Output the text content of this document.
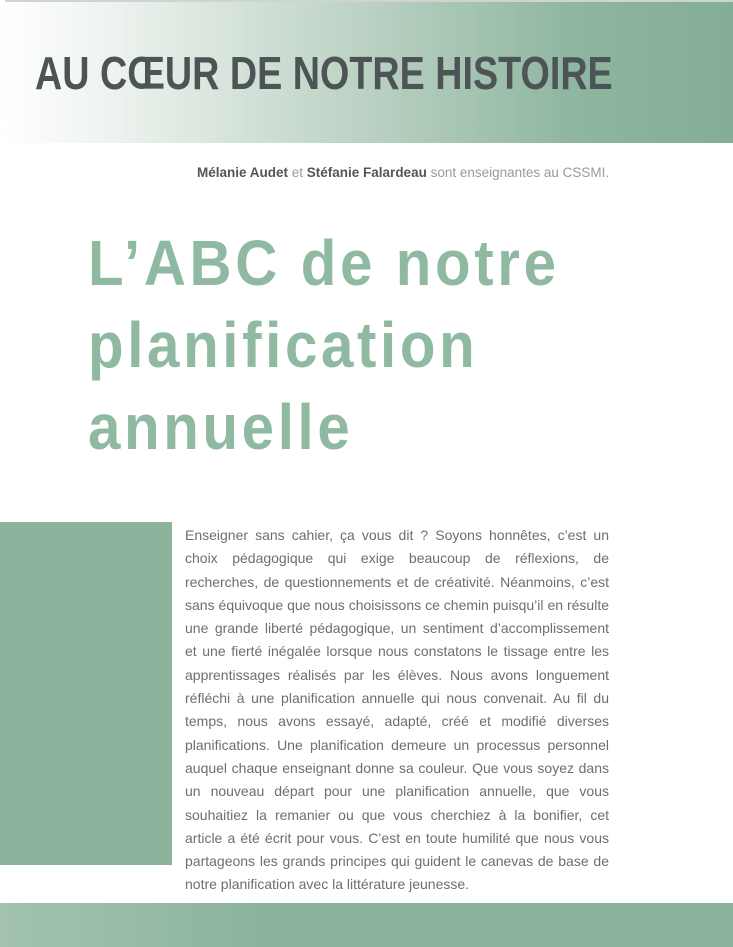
AU CŒUR DE NOTRE HISTOIRE

Mélanie Audet et Stéfanie Falardeau sont enseignantes au CSSMI.

L’ABC de notre
planification
annuelle

Enseigner sans cahier, ça vous dit ? Soyons honnêtes, c’est un choix pédagogique qui exige beaucoup de réflexions, de recherches, de questionnements et de créativité. Néanmoins, c’est sans équivoque que nous choisissons ce chemin puisqu’il en résulte une grande liberté pédagogique, un sentiment d’accomplissement et une fierté inégalée lorsque nous constatons le tissage entre les apprentissages réalisés par les élèves. Nous avons longuement réfléchi à une planification annuelle qui nous convenait. Au fil du temps, nous avons essayé, adapté, créé et modifié diverses planifications. Une planification demeure un processus personnel auquel chaque enseignant donne sa couleur. Que vous soyez dans un nouveau départ pour une planification annuelle, que vous souhaitiez la remanier ou que vous cherchiez à la bonifier, cet article a été écrit pour vous. C’est en toute humilité que nous vous partageons les grands principes qui guident le canevas de base de notre planification avec la littérature jeunesse.
